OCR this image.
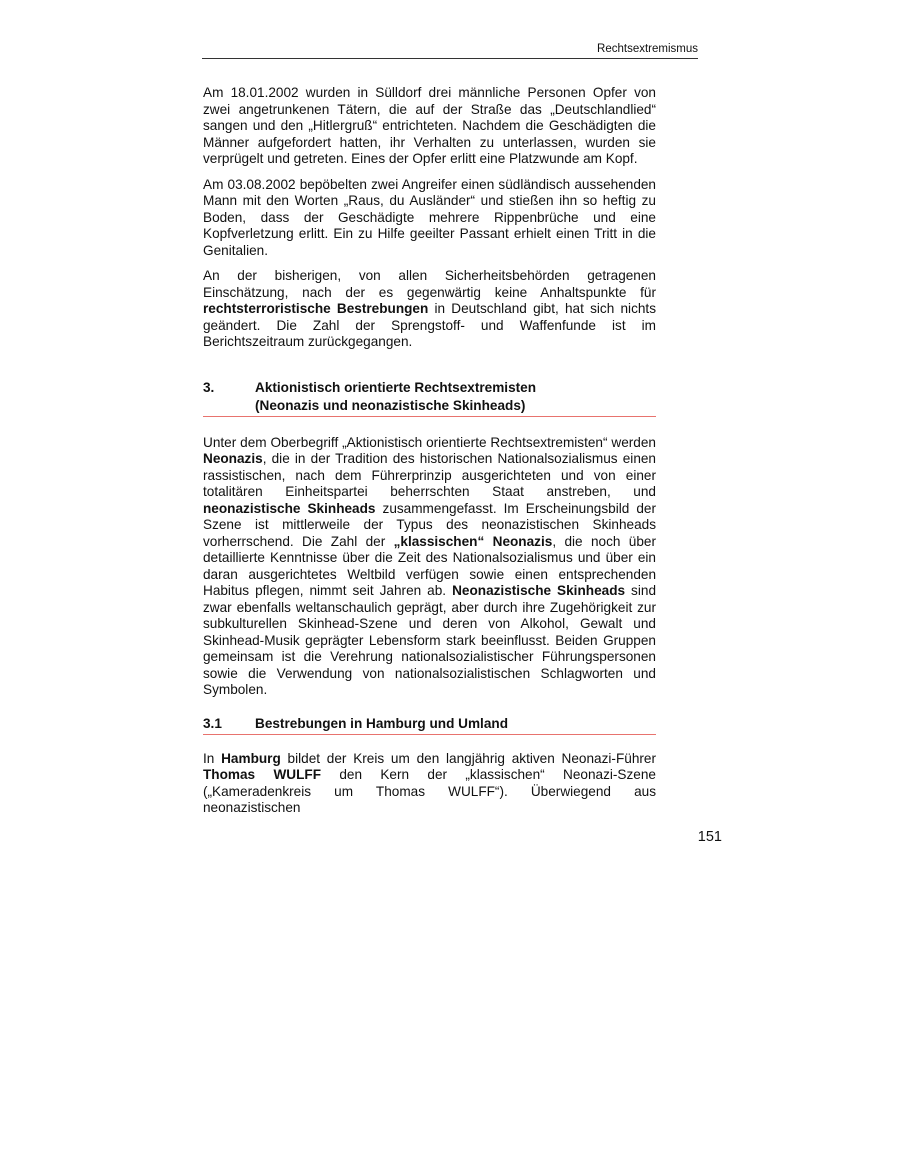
Rechtsextremismus

Am 18.01.2002 wurden in Sülldorf drei männliche Personen Opfer von zwei angetrunkenen Tätern, die auf der Straße das „Deutschlandlied“ sangen und den „Hitlergruß“ entrichteten. Nachdem die Geschädigten die Männer aufgefordert hatten, ihr Verhalten zu unterlassen, wurden sie verprügelt und getreten. Eines der Opfer erlitt eine Platzwunde am Kopf.

Am 03.08.2002 bepöbelten zwei Angreifer einen südländisch aussehenden Mann mit den Worten „Raus, du Ausländer“ und stießen ihn so heftig zu Boden, dass der Geschädigte mehrere Rippenbrüche und eine Kopfverletzung erlitt. Ein zu Hilfe geeilter Passant erhielt einen Tritt in die Genitalien.

An der bisherigen, von allen Sicherheitsbehörden getragenen Einschätzung, nach der es gegenwärtig keine Anhaltspunkte für rechtsterroristische Bestrebungen in Deutschland gibt, hat sich nichts geändert. Die Zahl der Sprengstoff- und Waffenfunde ist im Berichtszeitraum zurückgegangen.

3.	Aktionistisch orientierte Rechtsextremisten
(Neonazis und neonazistische Skinheads)

Unter dem Oberbegriff „Aktionistisch orientierte Rechtsextremisten“ werden Neonazis, die in der Tradition des historischen Nationalsozialismus einen rassistischen, nach dem Führerprinzip ausgerichteten und von einer totalitären Einheitspartei beherrschten Staat anstreben, und neonazistische Skinheads zusammengefasst. Im Erscheinungsbild der Szene ist mittlerweile der Typus des neonazistischen Skinheads vorherrschend. Die Zahl der „klassischen“ Neonazis, die noch über detaillierte Kenntnisse über die Zeit des Nationalsozialismus und über ein daran ausgerichtetes Weltbild verfügen sowie einen entsprechenden Habitus pflegen, nimmt seit Jahren ab. Neonazistische Skinheads sind zwar ebenfalls weltanschaulich geprägt, aber durch ihre Zugehörigkeit zur subkulturellen Skinhead-Szene und deren von Alkohol, Gewalt und Skinhead-Musik geprägter Lebensform stark beeinflusst. Beiden Gruppen gemeinsam ist die Verehrung nationalsozialistischer Führungspersonen sowie die Verwendung von nationalsozialistischen Schlagworten und Symbolen.

3.1	Bestrebungen in Hamburg und Umland

In Hamburg bildet der Kreis um den langjährig aktiven Neonazi-Führer Thomas WULFF den Kern der „klassischen“ Neonazi-Szene („Kameradenkreis um Thomas WULFF“). Überwiegend aus neonazistischen

151
